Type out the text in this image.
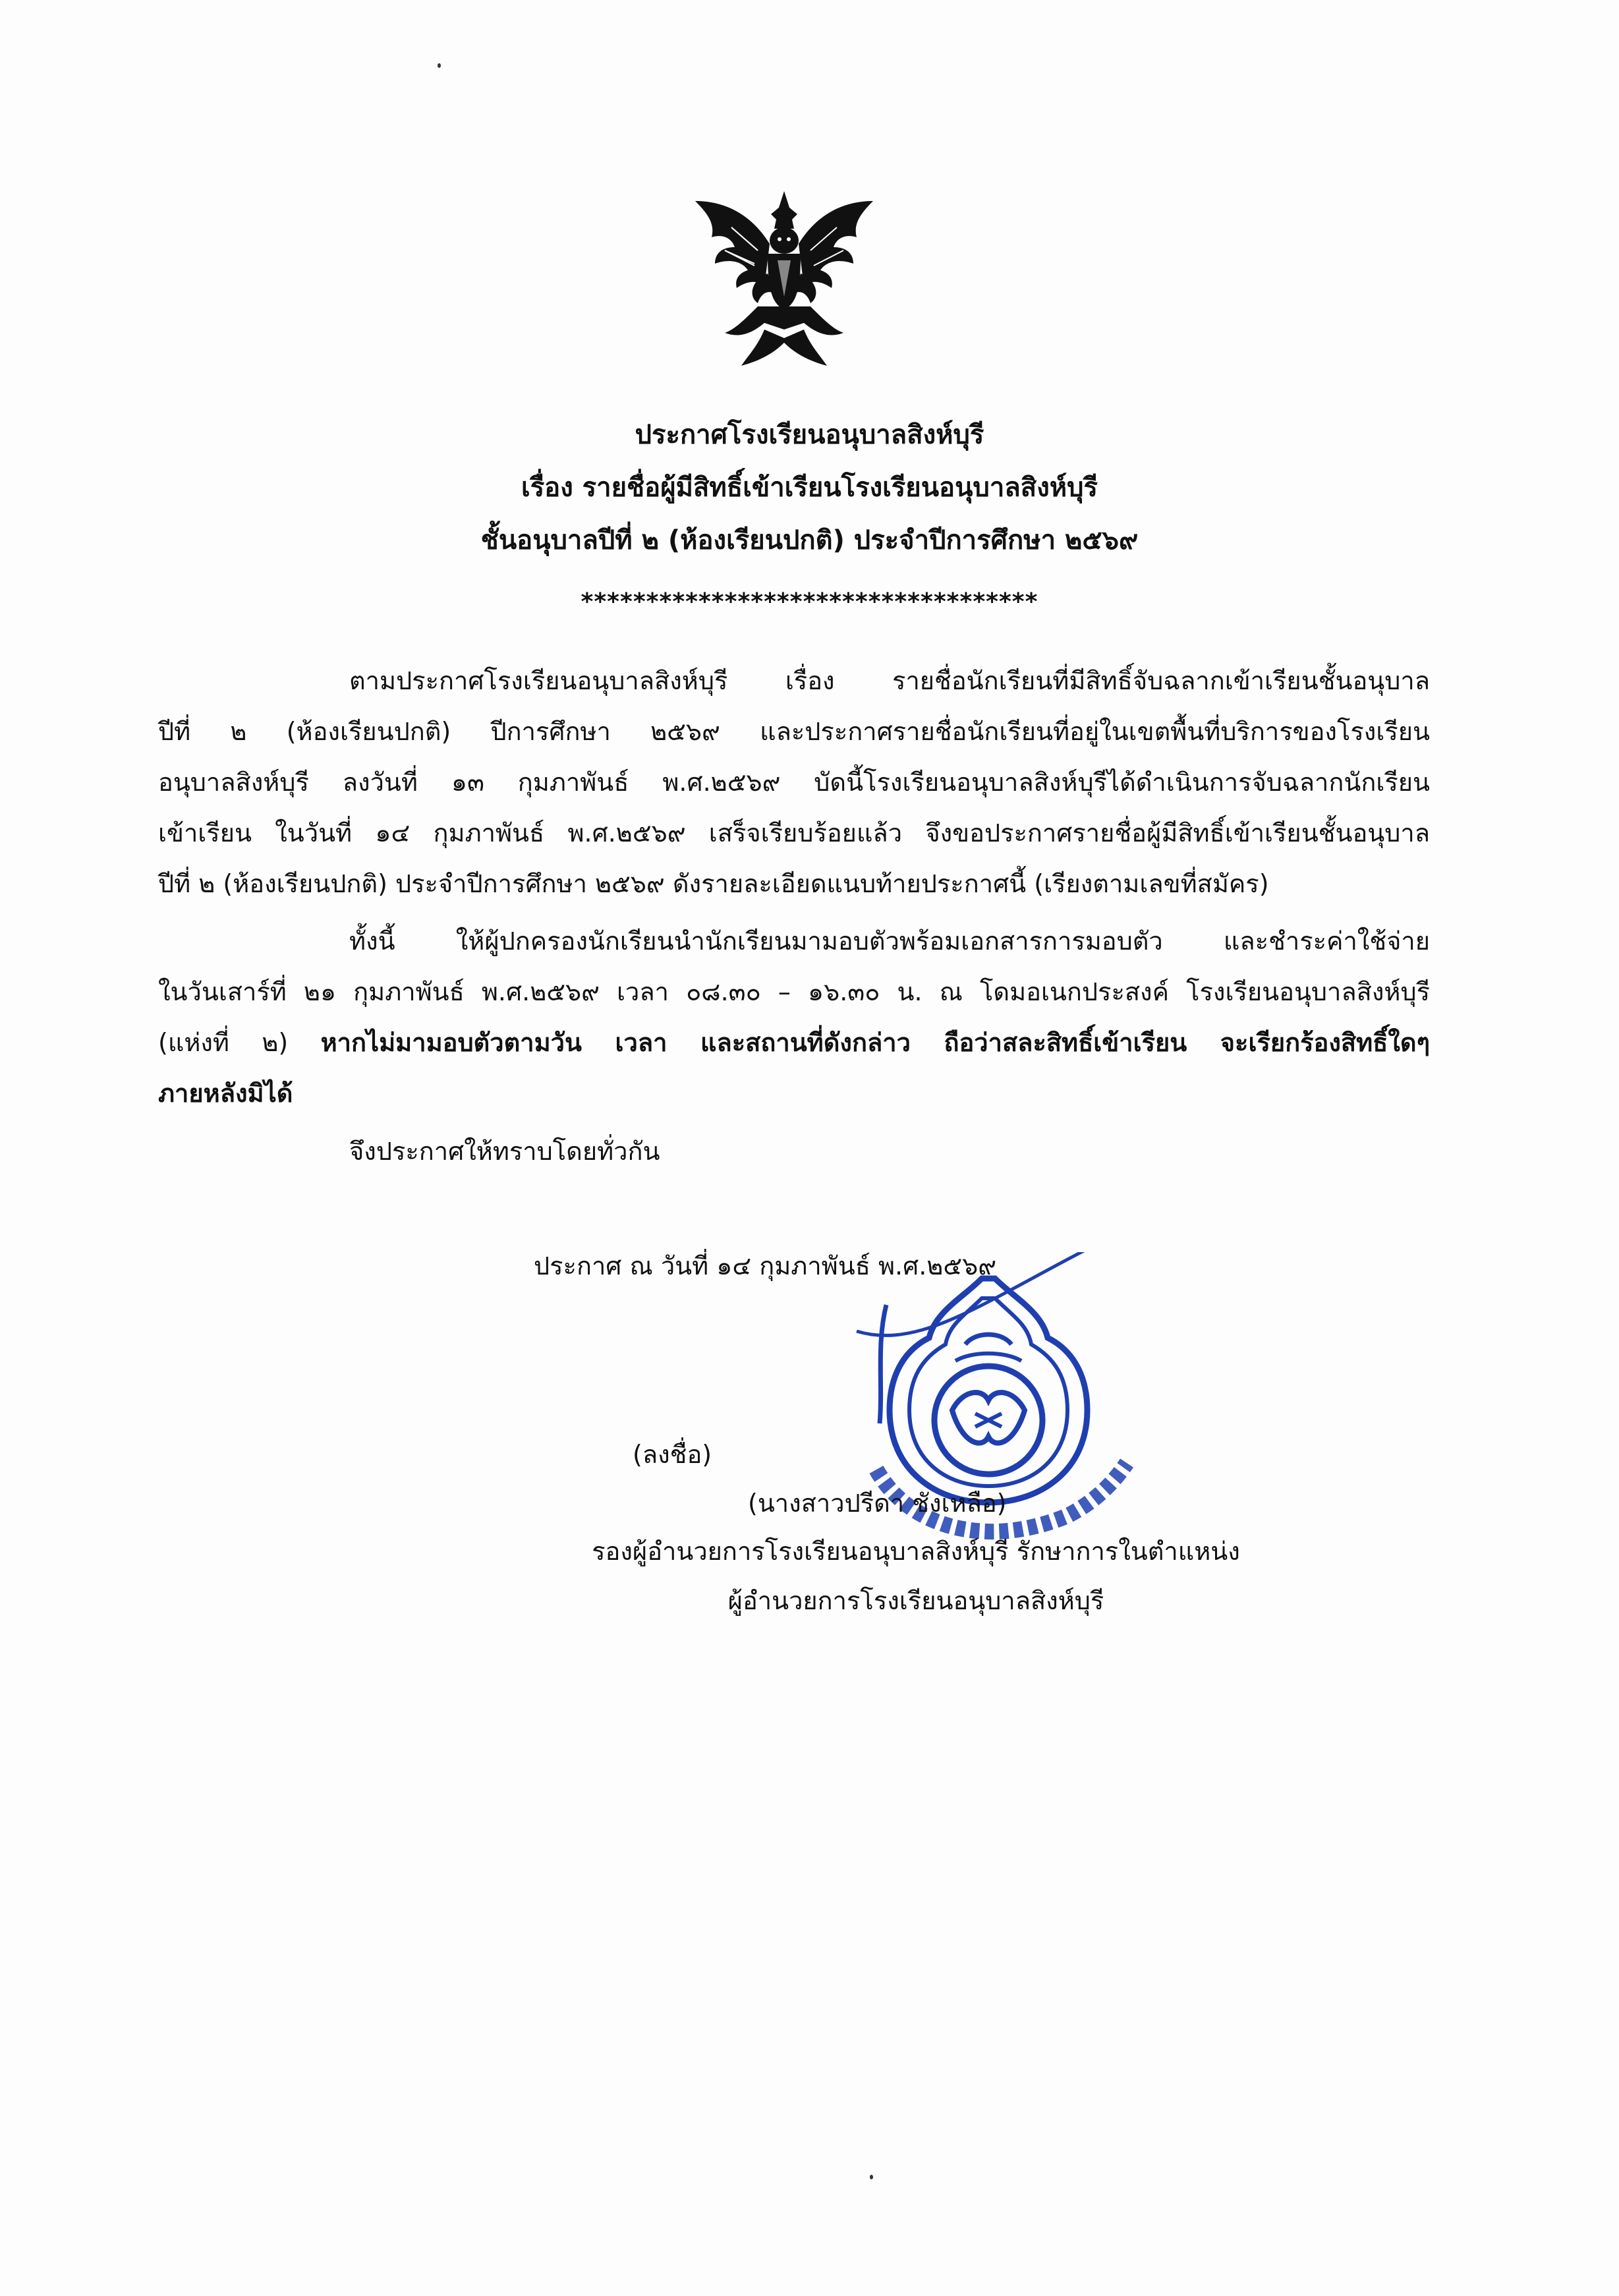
ประกาศโรงเรียนอนุบาลสิงห์บุรี
เรื่อง รายชื่อผู้มีสิทธิ์เข้าเรียนโรงเรียนอนุบาลสิงห์บุรี
ชั้นอนุบาลปีที่ ๒ (ห้องเรียนปกติ) ประจำปีการศึกษา ๒๕๖๙
***********************************
ตามประกาศโรงเรียนอนุบาลสิงห์บุรี เรื่อง รายชื่อนักเรียนที่มีสิทธิ์จับฉลากเข้าเรียนชั้นอนุบาล
ปีที่ ๒ (ห้องเรียนปกติ) ปีการศึกษา ๒๕๖๙ และประกาศรายชื่อนักเรียนที่อยู่ในเขตพื้นที่บริการของโรงเรียน
อนุบาลสิงห์บุรี ลงวันที่ ๑๓ กุมภาพันธ์ พ.ศ.๒๕๖๙ บัดนี้โรงเรียนอนุบาลสิงห์บุรีได้ดำเนินการจับฉลากนักเรียน
เข้าเรียน ในวันที่ ๑๔ กุมภาพันธ์ พ.ศ.๒๕๖๙ เสร็จเรียบร้อยแล้ว จึงขอประกาศรายชื่อผู้มีสิทธิ์เข้าเรียนชั้นอนุบาล
ปีที่ ๒ (ห้องเรียนปกติ) ประจำปีการศึกษา ๒๕๖๙ ดังรายละเอียดแนบท้ายประกาศนี้ (เรียงตามเลขที่สมัคร)
ทั้งนี้ ให้ผู้ปกครองนักเรียนนำนักเรียนมามอบตัวพร้อมเอกสารการมอบตัว และชำระค่าใช้จ่าย
ในวันเสาร์ที่ ๒๑ กุมภาพันธ์ พ.ศ.๒๕๖๙ เวลา ๐๘.๓๐ – ๑๖.๓๐ น. ณ โดมอเนกประสงค์ โรงเรียนอนุบาลสิงห์บุรี
(แห่งที่ ๒) หากไม่มามอบตัวตามวัน เวลา และสถานที่ดังกล่าว ถือว่าสละสิทธิ์เข้าเรียน จะเรียกร้องสิทธิ์ใดๆ
ภายหลังมิได้
จึงประกาศให้ทราบโดยทั่วกัน
ประกาศ ณ วันที่ ๑๔ กุมภาพันธ์ พ.ศ.๒๕๖๙
(ลงชื่อ)
(นางสาวปรีดา ชังเหลือ)
รองผู้อำนวยการโรงเรียนอนุบาลสิงห์บุรี รักษาการในตำแหน่ง
ผู้อำนวยการโรงเรียนอนุบาลสิงห์บุรี
